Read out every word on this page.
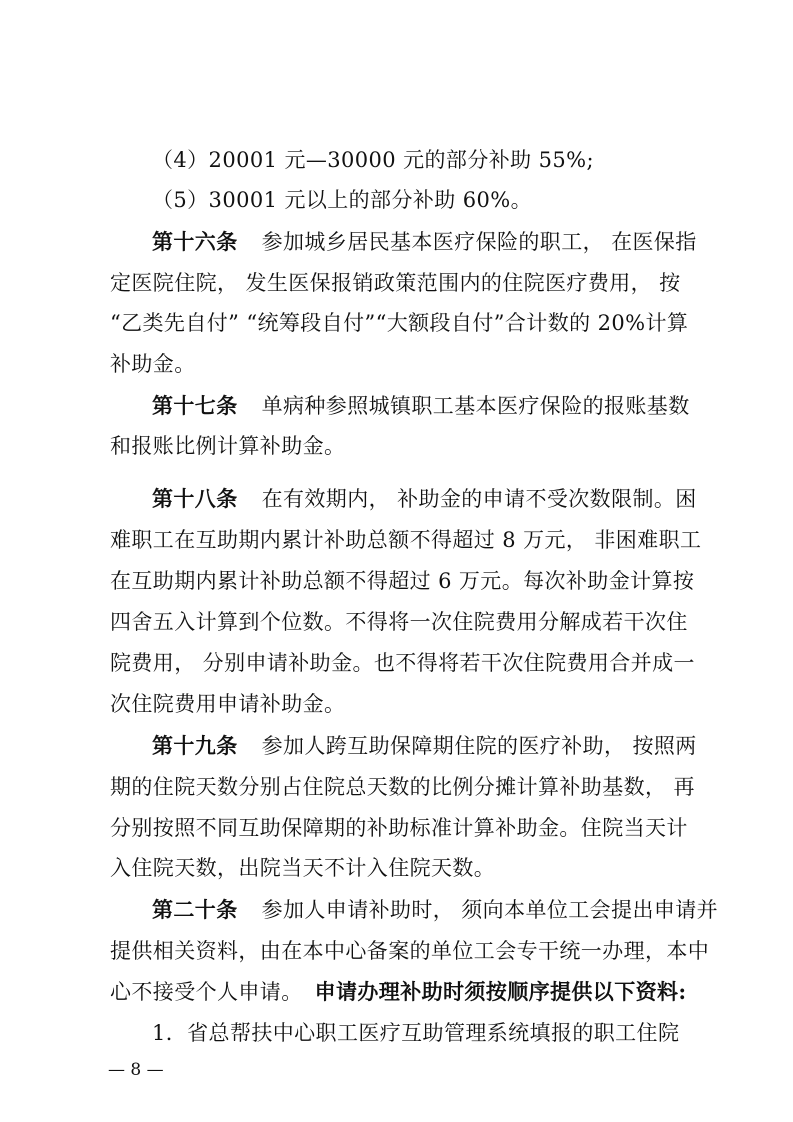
（4）20001 元—30000 元的部分补助 55%;
（5）30001 元以上的部分补助 60%。
第十六条 参加城乡居民基本医疗保险的职工， 在医保指
定医院住院， 发生医保报销政策范围内的住院医疗费用， 按
“乙类先自付” “统筹段自付”“大额段自付”合计数的 20%计算
补助金。
第十七条 单病种参照城镇职工基本医疗保险的报账基数
和报账比例计算补助金。
第十八条 在有效期内， 补助金的申请不受次数限制。困
难职工在互助期内累计补助总额不得超过 8 万元， 非困难职工
在互助期内累计补助总额不得超过 6 万元。每次补助金计算按
四舍五入计算到个位数。不得将一次住院费用分解成若干次住
院费用， 分别申请补助金。也不得将若干次住院费用合并成一
次住院费用申请补助金。
第十九条 参加人跨互助保障期住院的医疗补助， 按照两
期的住院天数分别占住院总天数的比例分摊计算补助基数， 再
分别按照不同互助保障期的补助标准计算补助金。住院当天计
入住院天数，出院当天不计入住院天数。
第二十条 参加人申请补助时， 须向本单位工会提出申请并
提供相关资料，由在本中心备案的单位工会专干统一办理，本中
心不接受个人申请。 申请办理补助时须按顺序提供以下资料:
— 8 —
1．省总帮扶中心职工医疗互助管理系统填报的职工住院
